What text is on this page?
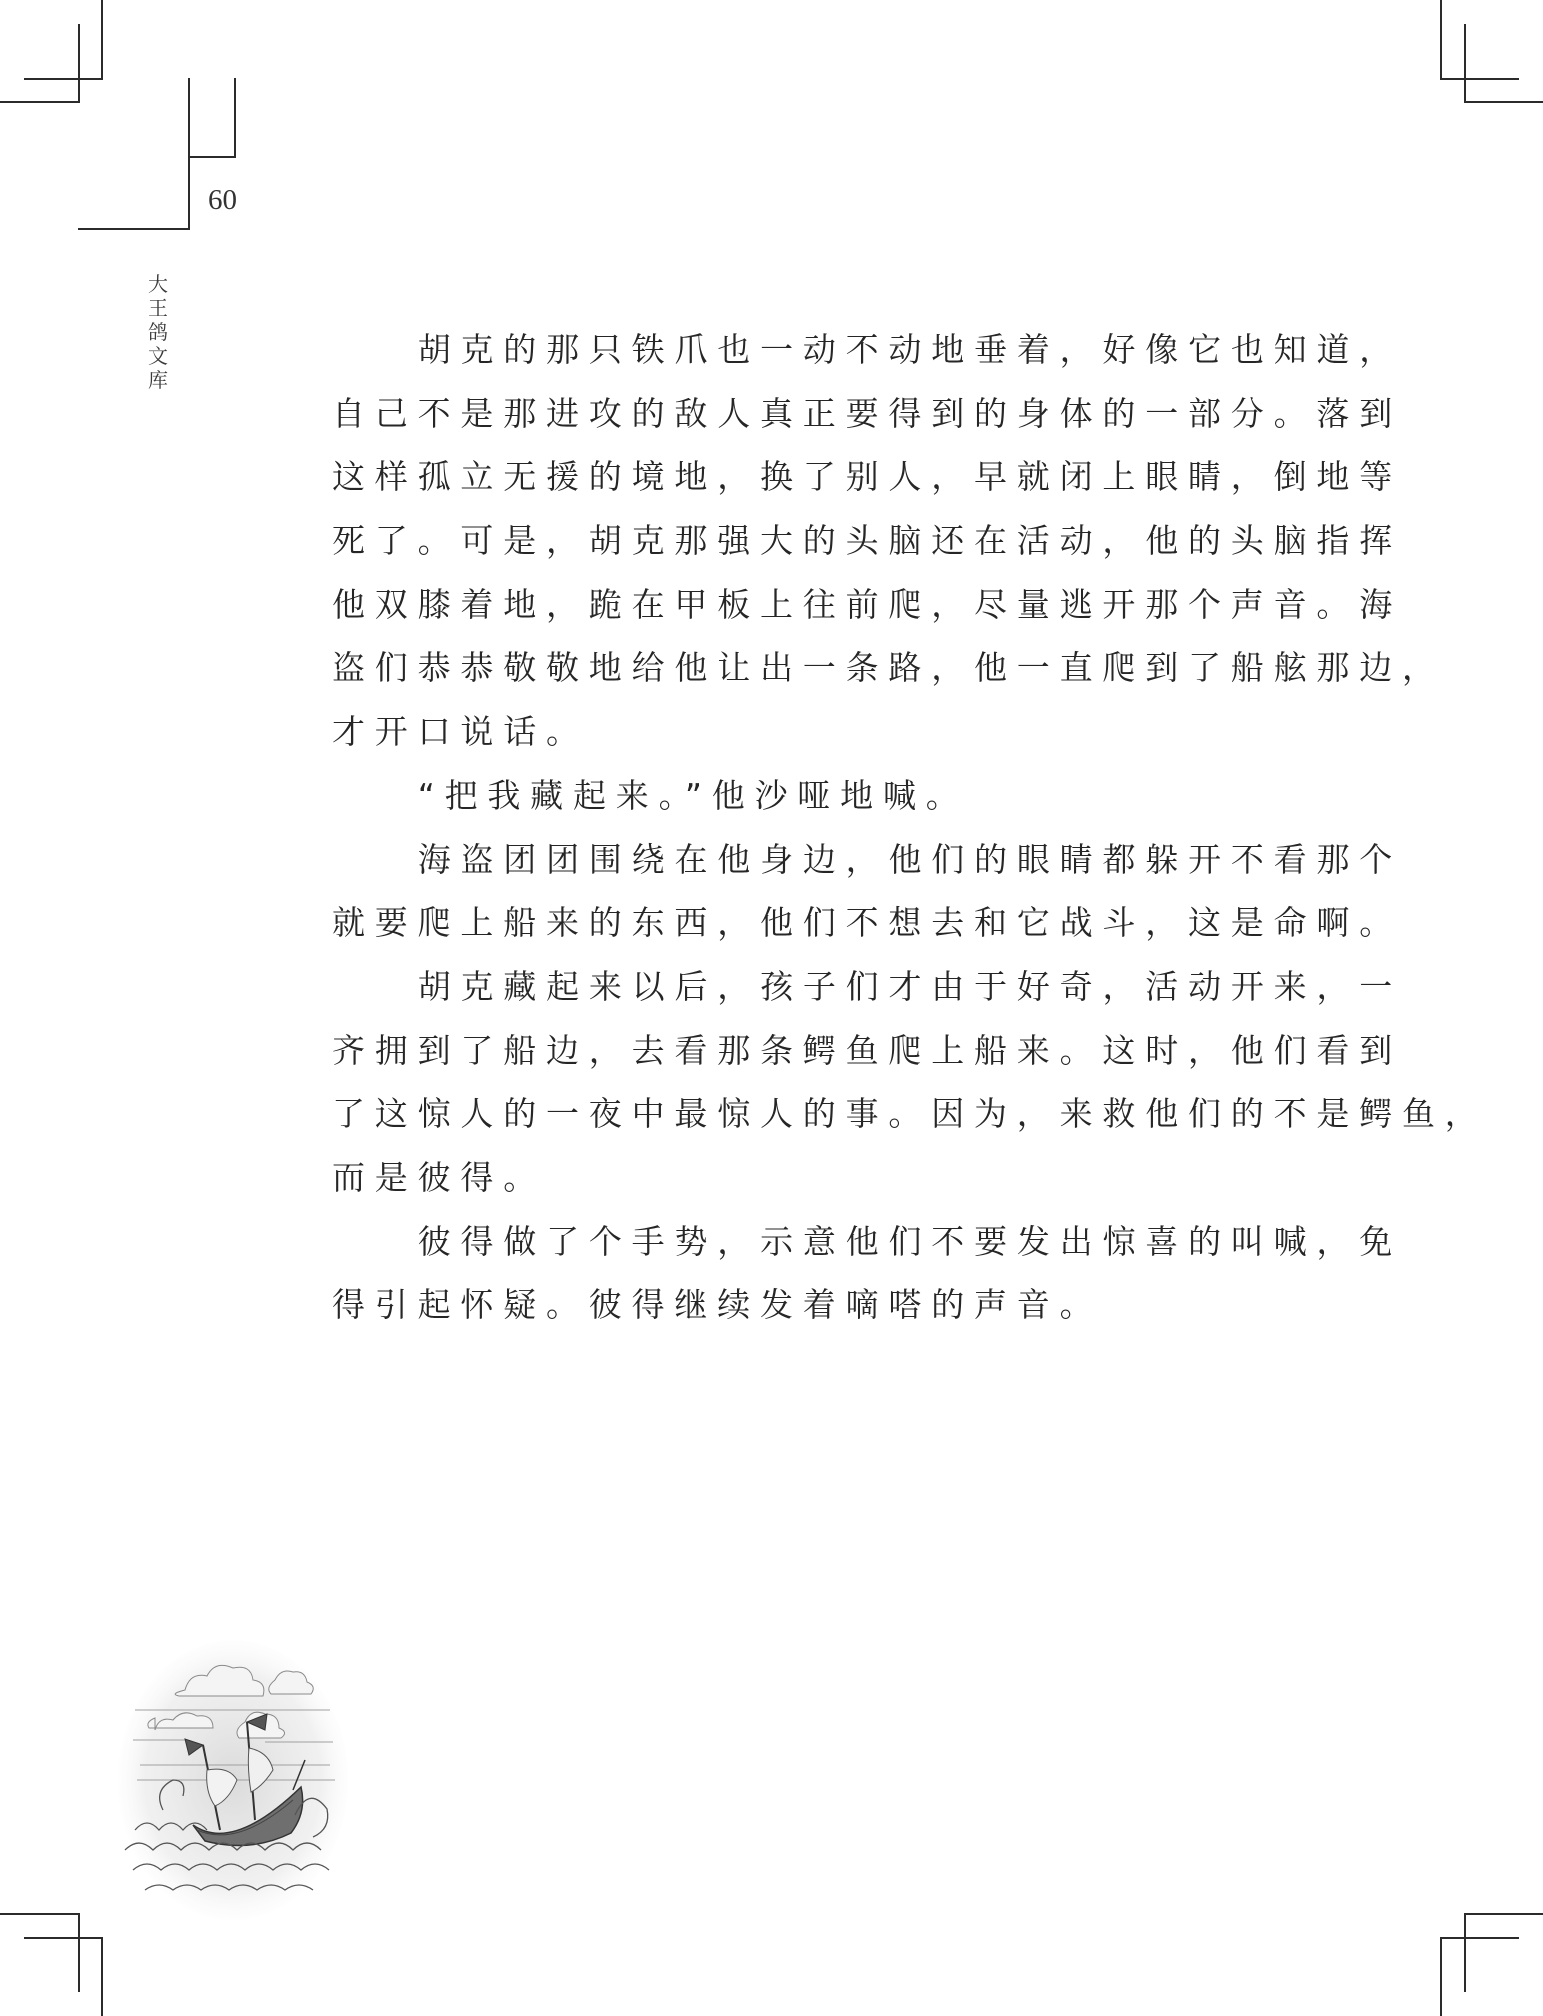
60
大
王
鸽
文
库
胡克的那只铁爪也一动不动地垂着，好像它也知道，
自己不是那进攻的敌人真正要得到的身体的一部分。落到
这样孤立无援的境地，换了别人，早就闭上眼睛，倒地等
死了。可是，胡克那强大的头脑还在活动，他的头脑指挥
他双膝着地，跪在甲板上往前爬，尽量逃开那个声音。海
盗们恭恭敬敬地给他让出一条路，他一直爬到了船舷那边，
才开口说话。
“把我藏起来。”他沙哑地喊。
海盗团团围绕在他身边，他们的眼睛都躲开不看那个
就要爬上船来的东西，他们不想去和它战斗，这是命啊。
胡克藏起来以后，孩子们才由于好奇，活动开来，一
齐拥到了船边，去看那条鳄鱼爬上船来。这时，他们看到
了这惊人的一夜中最惊人的事。因为，来救他们的不是鳄鱼，
而是彼得。
彼得做了个手势，示意他们不要发出惊喜的叫喊，免
得引起怀疑。彼得继续发着嘀嗒的声音。
